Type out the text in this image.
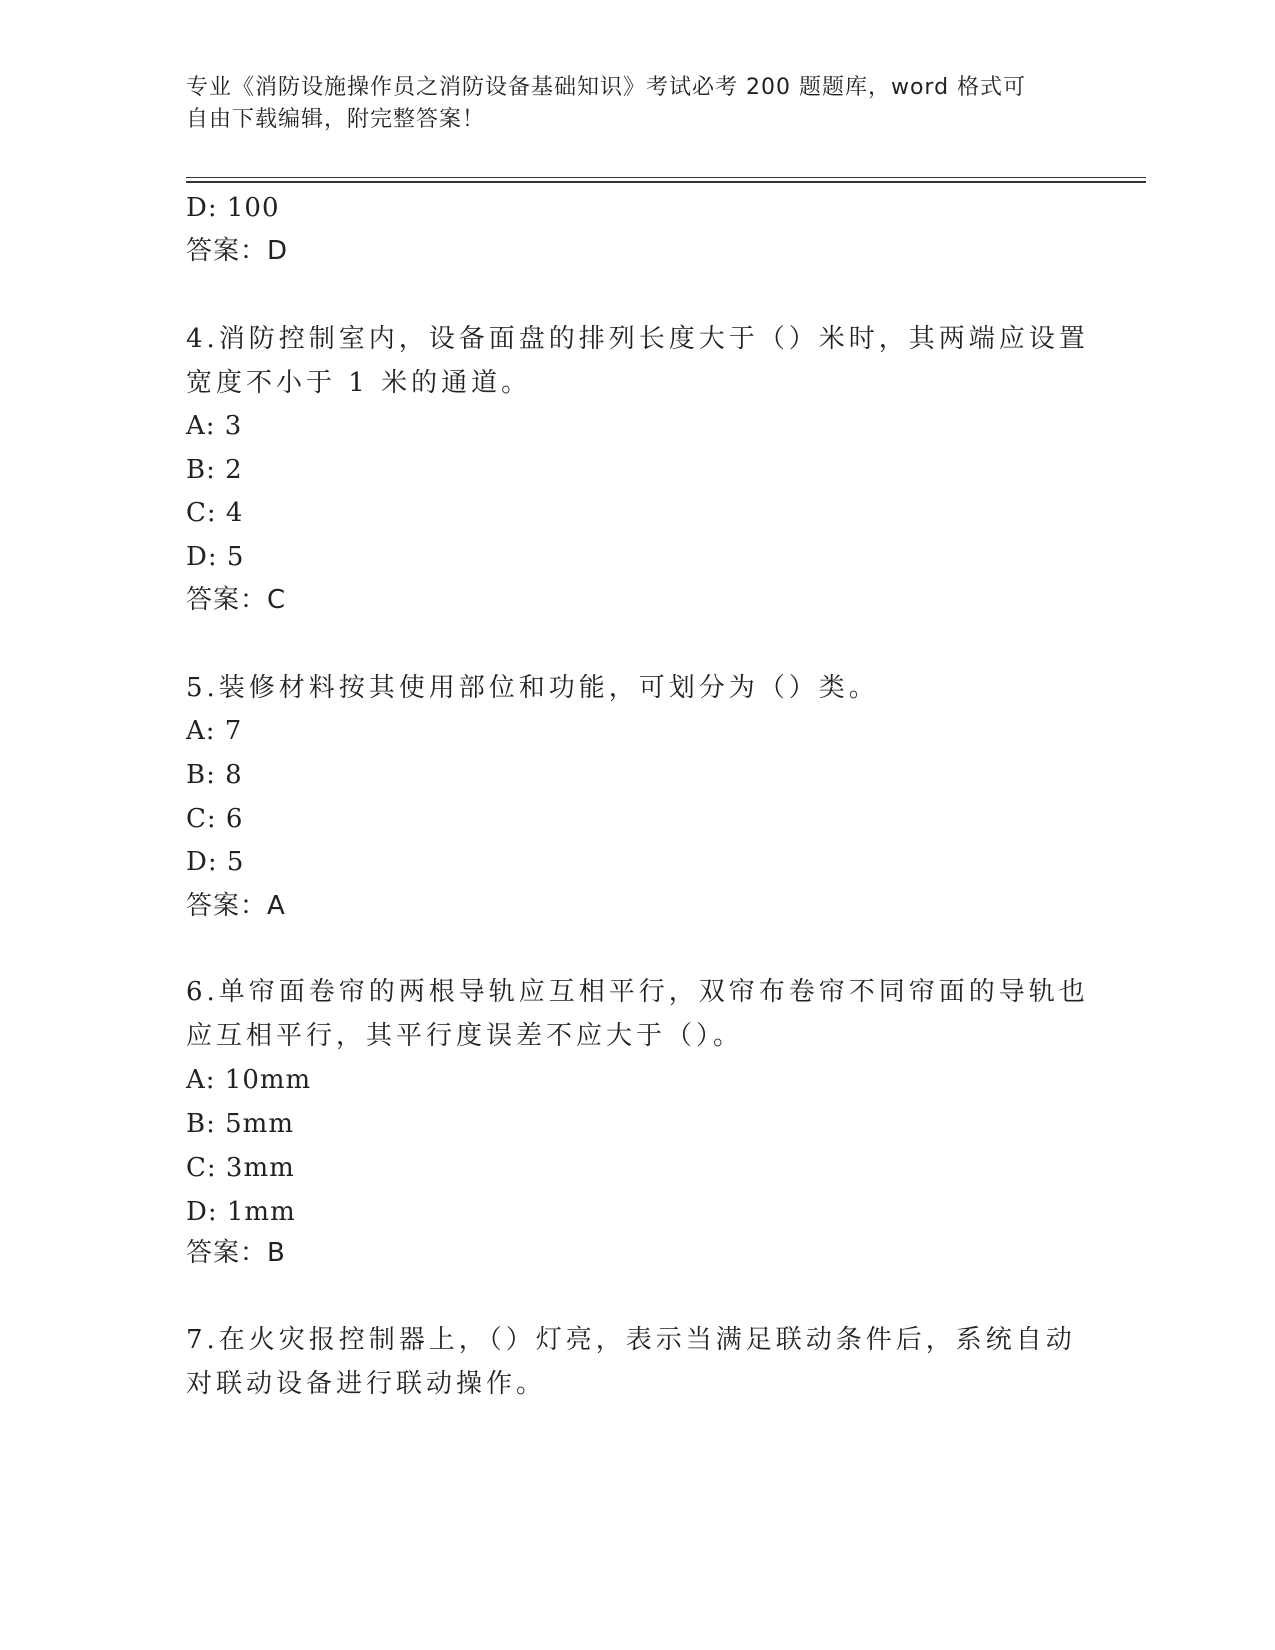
专业《消防设施操作员之消防设备基础知识》考试必考 200 题题库，word 格式可
自由下载编辑，附完整答案！
D: 100
答案：D
4.消防控制室内，设备面盘的排列长度大于（）米时，其两端应设置
宽度不小于 1 米的通道。
A: 3
B: 2
C: 4
D: 5
答案：C
5.装修材料按其使用部位和功能，可划分为（）类。
A: 7
B: 8
C: 6
D: 5
答案：A
6.单帘面卷帘的两根导轨应互相平行，双帘布卷帘不同帘面的导轨也
应互相平行，其平行度误差不应大于（）。
A: 10mm
B: 5mm
C: 3mm
D: 1mm
答案：B
7.在火灾报控制器上，（）灯亮，表示当满足联动条件后，系统自动
对联动设备进行联动操作。
